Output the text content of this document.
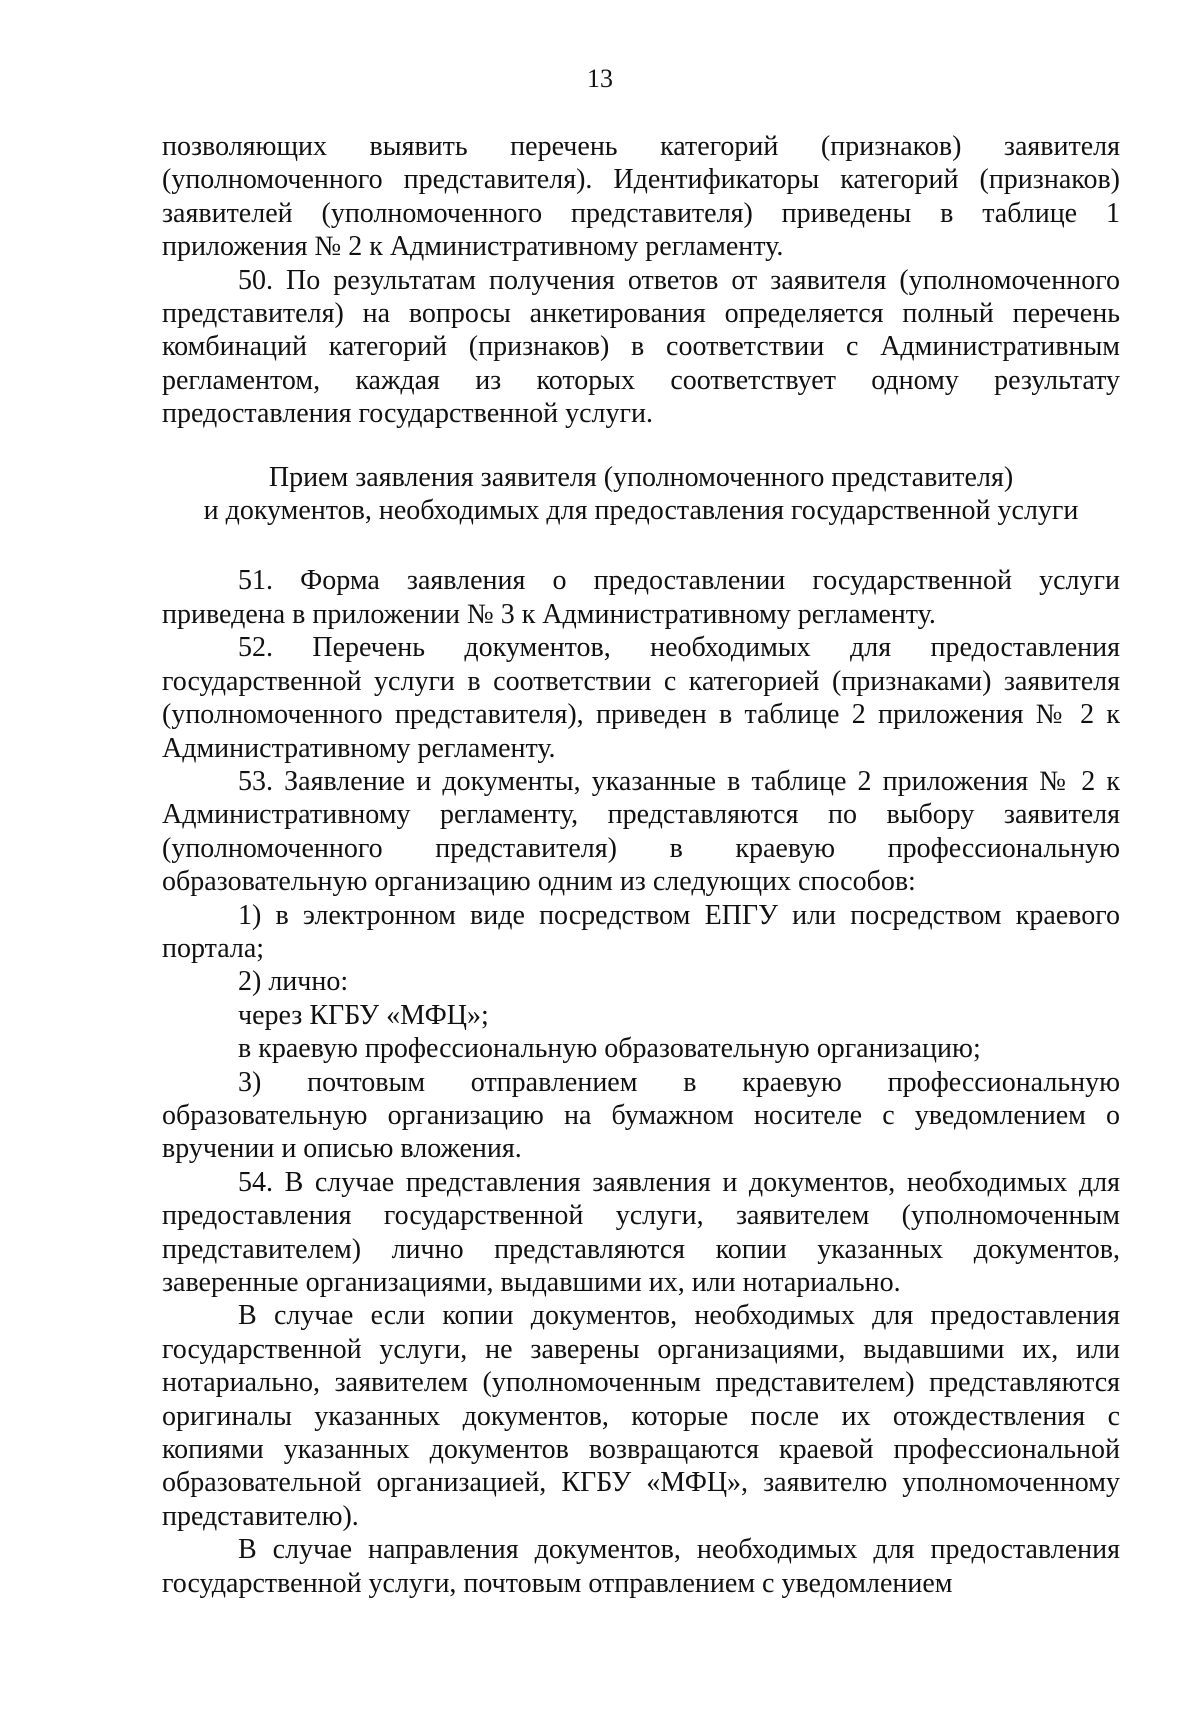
13

позволяющих выявить перечень категорий (признаков) заявителя (уполномоченного представителя). Идентификаторы категорий (признаков) заявителей (уполномоченного представителя) приведены в таблице 1 приложения № 2 к Административному регламенту.

50. По результатам получения ответов от заявителя (уполномоченного представителя) на вопросы анкетирования определяется полный перечень комбинаций категорий (признаков) в соответствии с Административным регламентом, каждая из которых соответствует одному результату предоставления государственной услуги.

Прием заявления заявителя (уполномоченного представителя)
и документов, необходимых для предоставления государственной услуги

51. Форма заявления о предоставлении государственной услуги приведена в приложении № 3 к Административному регламенту.

52. Перечень документов, необходимых для предоставления государственной услуги в соответствии с категорией (признаками) заявителя (уполномоченного представителя), приведен в таблице 2 приложения № 2 к Административному регламенту.

53. Заявление и документы, указанные в таблице 2 приложения № 2 к Административному регламенту, представляются по выбору заявителя (уполномоченного представителя) в краевую профессиональную образовательную организацию одним из следующих способов:

1) в электронном виде посредством ЕПГУ или посредством краевого портала;

2) лично:

через КГБУ «МФЦ»;

в краевую профессиональную образовательную организацию;

3) почтовым отправлением в краевую профессиональную образовательную организацию на бумажном носителе с уведомлением о вручении и описью вложения.

54. В случае представления заявления и документов, необходимых для предоставления государственной услуги, заявителем (уполномоченным представителем) лично представляются копии указанных документов, заверенные организациями, выдавшими их, или нотариально.

В случае если копии документов, необходимых для предоставления государственной услуги, не заверены организациями, выдавшими их, или нотариально, заявителем (уполномоченным представителем) представляются оригиналы указанных документов, которые после их отождествления с копиями указанных документов возвращаются краевой профессиональной образовательной организацией, КГБУ «МФЦ», заявителю уполномоченному представителю).

В случае направления документов, необходимых для предоставления государственной услуги, почтовым отправлением с уведомлением
